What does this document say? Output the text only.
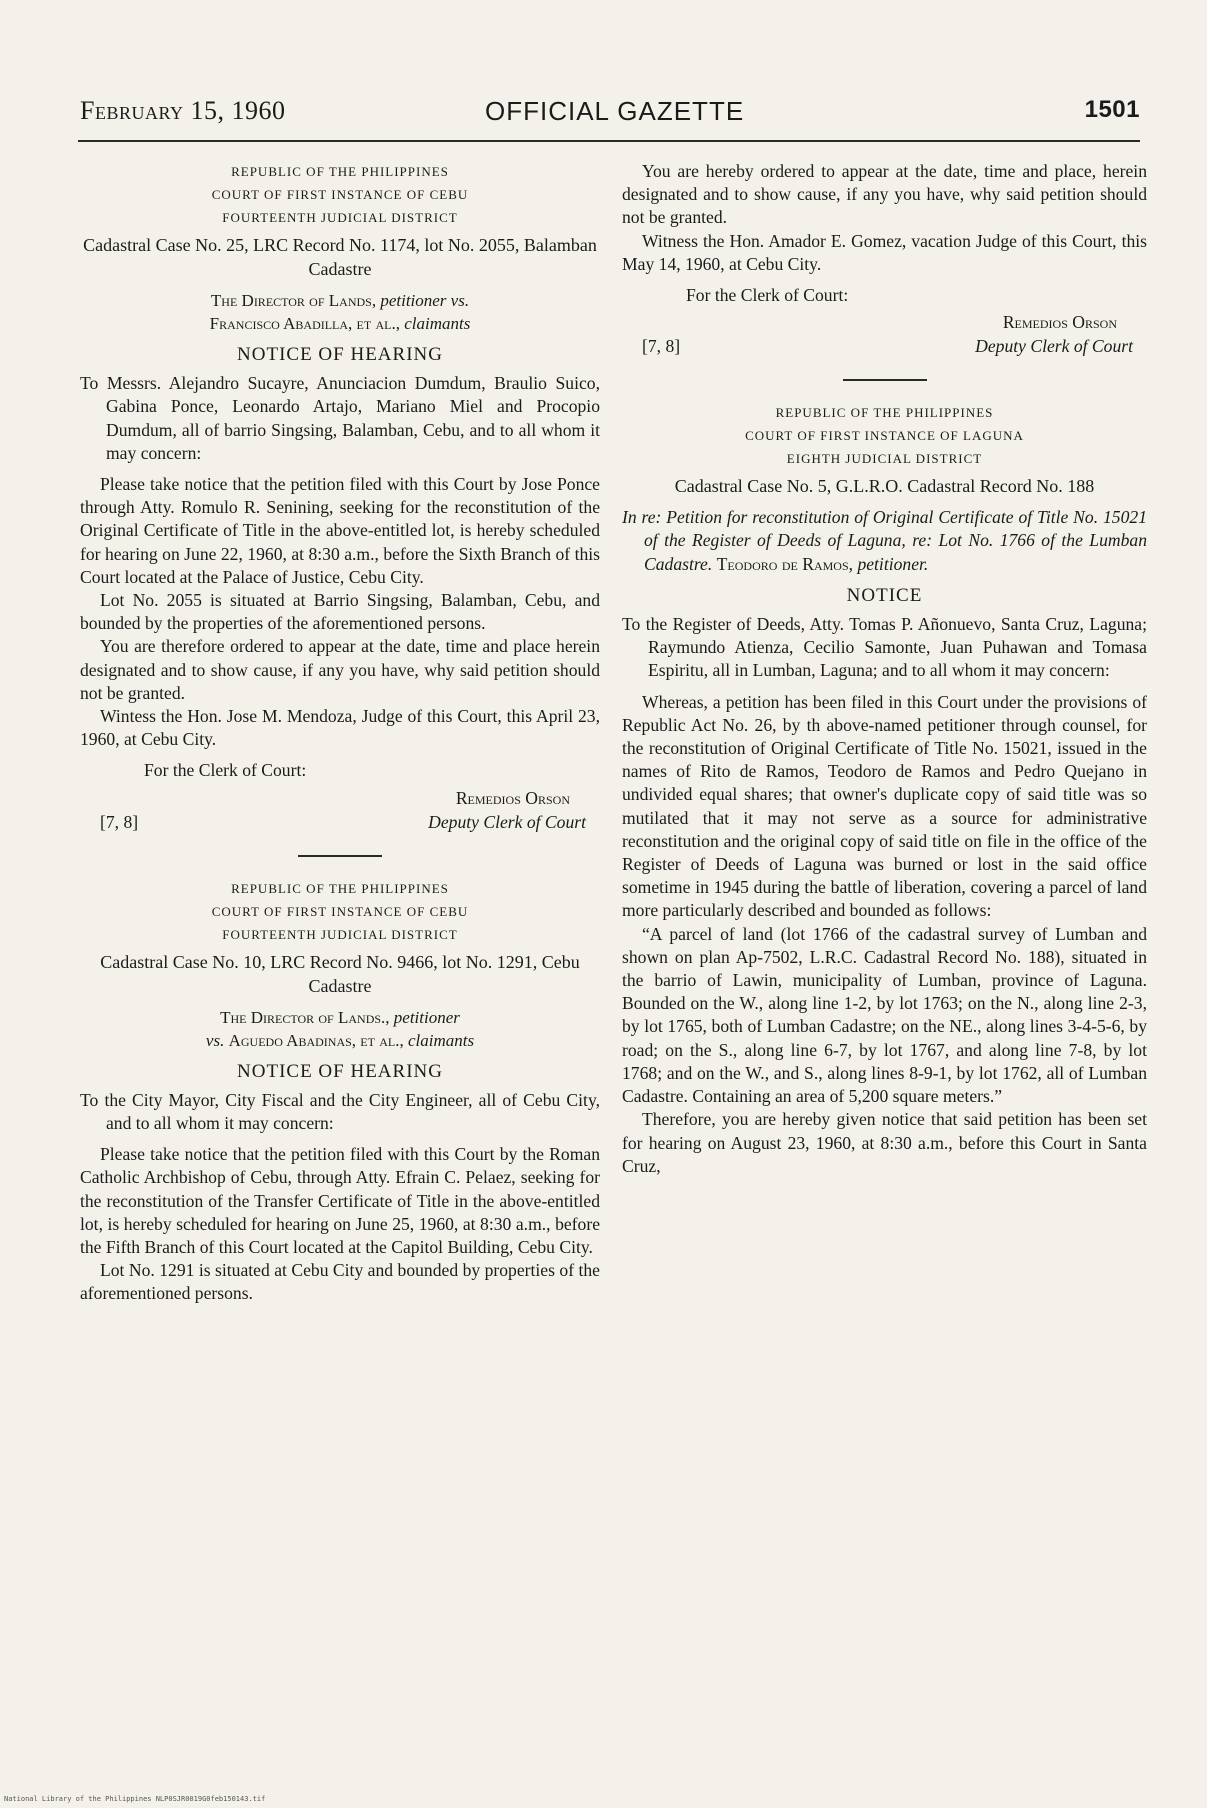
February 15, 1960	OFFICIAL GAZETTE	1501
REPUBLIC OF THE PHILIPPINES
COURT OF FIRST INSTANCE OF CEBU
FOURTEENTH JUDICIAL DISTRICT
Cadastral Case No. 25, LRC Record No. 1174, lot No. 2055, Balamban Cadastre
The Director of Lands, petitioner vs.
Francisco Abadilla, et al., claimants
NOTICE OF HEARING
To Messrs. Alejandro Sucayre, Anunciacion Dumdum, Braulio Suico, Gabina Ponce, Leonardo Artajo, Mariano Miel and Procopio Dumdum, all of barrio Singsing, Balamban, Cebu, and to all whom it may concern:

Please take notice that the petition filed with this Court by Jose Ponce through Atty. Romulo R. Senining, seeking for the reconstitution of the Original Certificate of Title in the above-entitled lot, is hereby scheduled for hearing on June 22, 1960, at 8:30 a.m., before the Sixth Branch of this Court located at the Palace of Justice, Cebu City.

Lot No. 2055 is situated at Barrio Singsing, Balamban, Cebu, and bounded by the properties of the aforementioned persons.

You are therefore ordered to appear at the date, time and place herein designated and to show cause, if any you have, why said petition should not be granted.

Wintess the Hon. Jose M. Mendoza, Judge of this Court, this April 23, 1960, at Cebu City.

For the Clerk of Court:
Remedios Orson
[7, 8]	Deputy Clerk of Court
REPUBLIC OF THE PHILIPPINES
COURT OF FIRST INSTANCE OF CEBU
FOURTEENTH JUDICIAL DISTRICT
Cadastral Case No. 10, LRC Record No. 9466, lot No. 1291, Cebu Cadastre
The Director of Lands., petitioner
vs. Aguedo Abadinas, et al., claimants
NOTICE OF HEARING
To the City Mayor, City Fiscal and the City Engineer, all of Cebu City, and to all whom it may concern:

Please take notice that the petition filed with this Court by the Roman Catholic Archbishop of Cebu, through Atty. Efrain C. Pelaez, seeking for the reconstitution of the Transfer Certificate of Title in the above-entitled lot, is hereby scheduled for hearing on June 25, 1960, at 8:30 a.m., before the Fifth Branch of this Court located at the Capitol Building, Cebu City.

Lot No. 1291 is situated at Cebu City and bounded by properties of the aforementioned persons.

You are hereby ordered to appear at the date, time and place, herein designated and to show cause, if any you have, why said petition should not be granted.

Witness the Hon. Amador E. Gomez, vacation Judge of this Court, this May 14, 1960, at Cebu City.

For the Clerk of Court:
Remedios Orson
[7, 8]	Deputy Clerk of Court
REPUBLIC OF THE PHILIPPINES
COURT OF FIRST INSTANCE OF LAGUNA
EIGHTH JUDICIAL DISTRICT
Cadastral Case No. 5, G.L.R.O. Cadastral Record No. 188
In re: Petition for reconstitution of Original Certificate of Title No. 15021 of the Register of Deeds of Laguna, re: Lot No. 1766 of the Lumban Cadastre. Teodoro de Ramos, petitioner.
NOTICE
To the Register of Deeds, Atty. Tomas P. Añonuevo, Santa Cruz, Laguna; Raymundo Atienza, Cecilio Samonte, Juan Puhawan and Tomasa Espiritu, all in Lumban, Laguna; and to all whom it may concern:

Whereas, a petition has been filed in this Court under the provisions of Republic Act No. 26, by th above-named petitioner through counsel, for the reconstitution of Original Certificate of Title No. 15021, issued in the names of Rito de Ramos, Teodoro de Ramos and Pedro Quejano in undivided equal shares; that owner's duplicate copy of said title was so mutilated that it may not serve as a source for administrative reconstitution and the original copy of said title on file in the office of the Register of Deeds of Laguna was burned or lost in the said office sometime in 1945 during the battle of liberation, covering a parcel of land more particularly described and bounded as follows:

“A parcel of land (lot 1766 of the cadastral survey of Lumban and shown on plan Ap-7502, L.R.C. Cadastral Record No. 188), situated in the barrio of Lawin, municipality of Lumban, province of Laguna. Bounded on the W., along line 1-2, by lot 1763; on the N., along line 2-3, by lot 1765, both of Lumban Cadastre; on the NE., along lines 3-4-5-6, by road; on the S., along line 6-7, by lot 1767, and along line 7-8, by lot 1768; and on the W., and S., along lines 8-9-1, by lot 1762, all of Lumban Cadastre. Containing an area of 5,200 square meters.”

Therefore, you are hereby given notice that said petition has been set for hearing on August 23, 1960, at 8:30 a.m., before this Court in Santa Cruz,

National Library of the Philippines NLP0SJR0019G0feb150143.tif
